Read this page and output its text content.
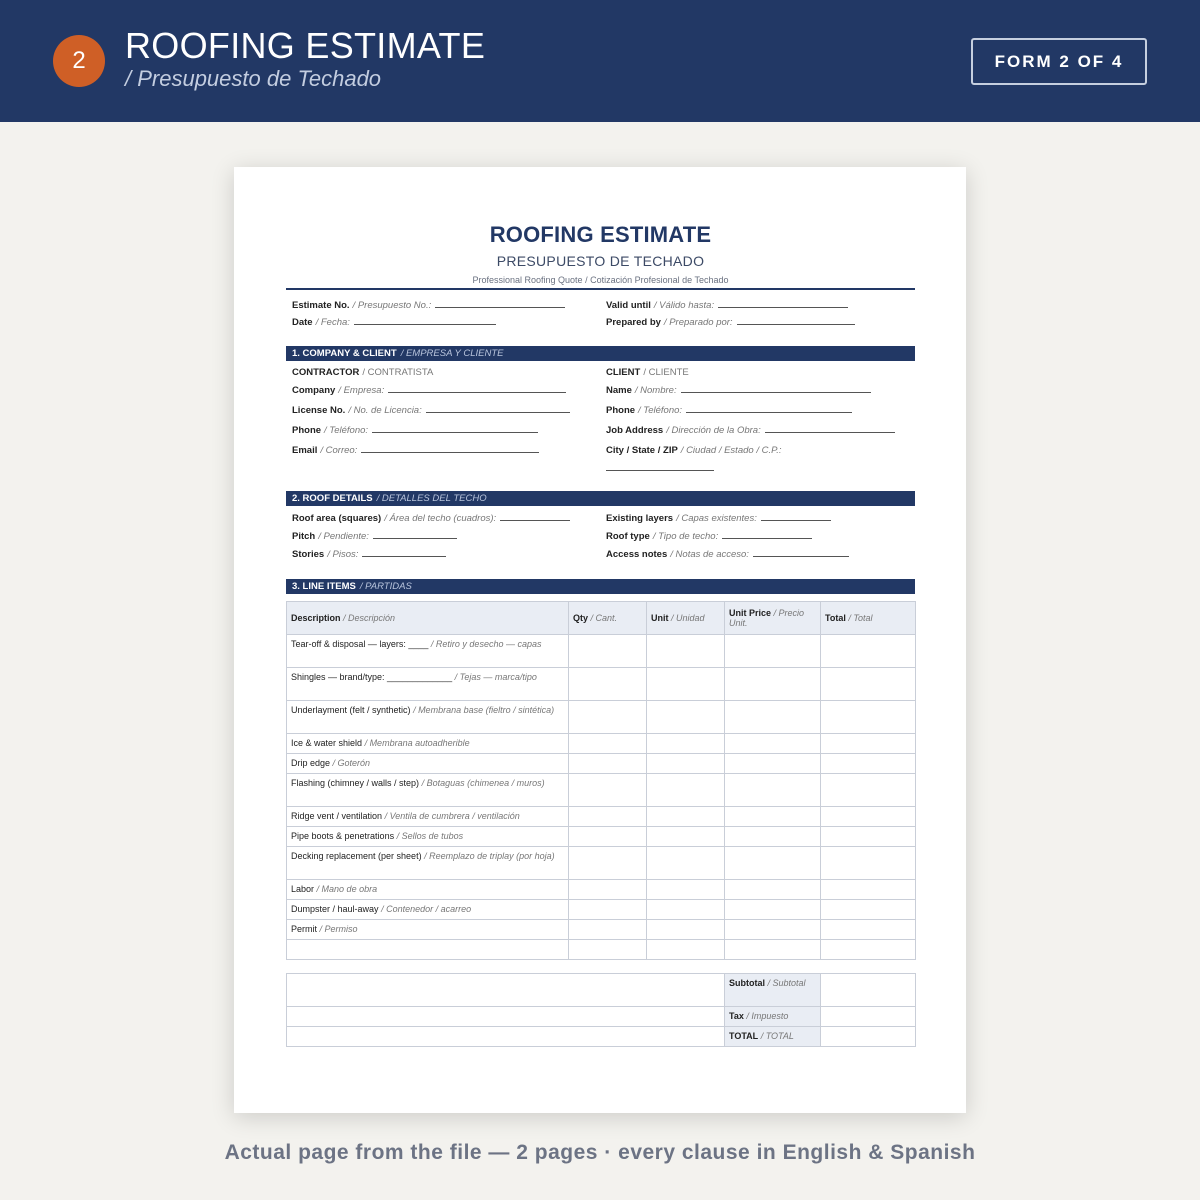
2	ROOFING ESTIMATE
/ Presupuesto de Techado
FORM 2 OF 4
ROOFING ESTIMATE
PRESUPUESTO DE TECHADO
Professional Roofing Quote / Cotización Profesional de Techado
Estimate No. / Presupuesto No.:
Date / Fecha:
Valid until / Válido hasta:
Prepared by / Preparado por:
1. COMPANY & CLIENT / EMPRESA Y CLIENTE
CONTRACTOR / CONTRATISTA
Company / Empresa:
License No. / No. de Licencia:
Phone / Teléfono:
Email / Correo:
CLIENT / CLIENTE
Name / Nombre:
Phone / Teléfono:
Job Address / Dirección de la Obra:
City / State / ZIP / Ciudad / Estado / C.P.:
2. ROOF DETAILS / DETALLES DEL TECHO
Roof area (squares) / Área del techo (cuadros):
Pitch / Pendiente:
Stories / Pisos:
Existing layers / Capas existentes:
Roof type / Tipo de techo:
Access notes / Notas de acceso:
3. LINE ITEMS / PARTIDAS
Description / Descripción	Qty / Cant.	Unit / Unidad	Unit Price / Precio Unit.	Total / Total
Tear-off & disposal — layers: ____ / Retiro y desecho — capas				
Shingles — brand/type: _____________ / Tejas — marca/tipo				
Underlayment (felt / synthetic) / Membrana base (fieltro / sintética)				
Ice & water shield / Membrana autoadherible				
Drip edge / Goterón				
Flashing (chimney / walls / step) / Botaguas (chimenea / muros)				
Ridge vent / ventilation / Ventila de cumbrera / ventilación				
Pipe boots & penetrations / Sellos de tubos				
Decking replacement (per sheet) / Reemplazo de triplay (por hoja)				
Labor / Mano de obra				
Dumpster / haul-away / Contenedor / acarreo				
Permit / Permiso				

	Subtotal / Subtotal	
	Tax / Impuesto	
	TOTAL / TOTAL	
Actual page from the file — 2 pages · every clause in English & Spanish
